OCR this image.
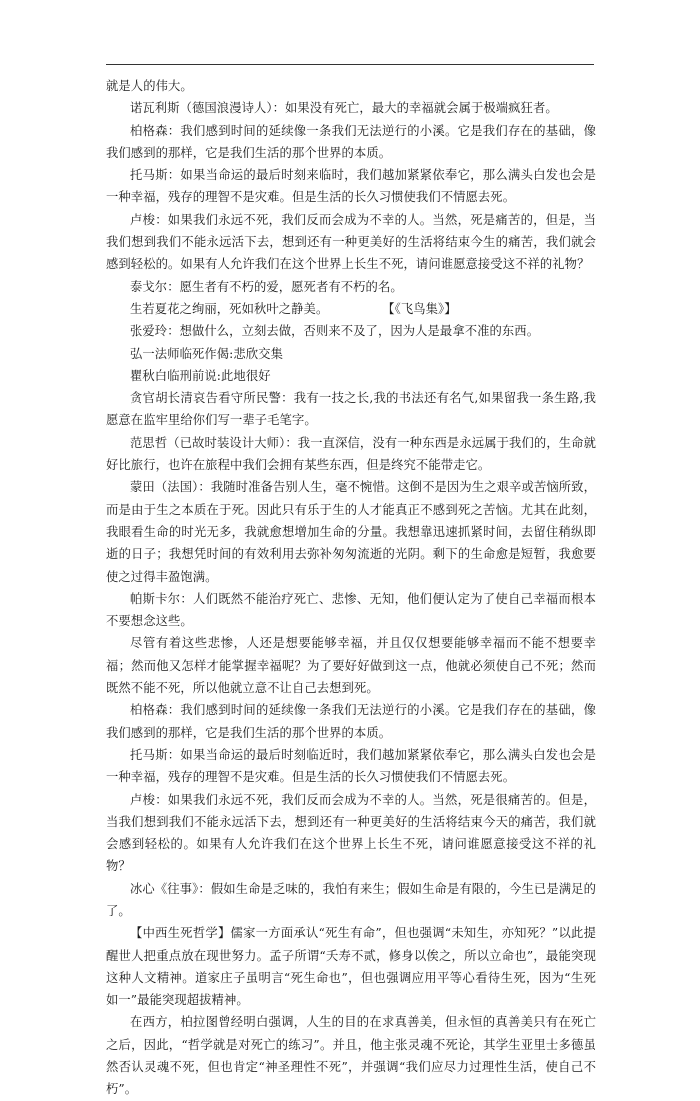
就是人的伟大。

诺瓦利斯（德国浪漫诗人）：如果没有死亡，最大的幸福就会属于极端疯狂者。

柏格森：我们感到时间的延续像一条我们无法逆行的小溪。它是我们存在的基础，像我们感到的那样，它是我们生活的那个世界的本质。

托马斯：如果当命运的最后时刻来临时，我们越加紧紧依奉它，那么满头白发也会是一种幸福，残存的理智不是灾难。但是生活的长久习惯使我们不情愿去死。

卢梭：如果我们永远不死，我们反而会成为不幸的人。当然，死是痛苦的，但是，当我们想到我们不能永远活下去，想到还有一种更美好的生活将结束今生的痛苦，我们就会感到轻松的。如果有人允许我们在这个世界上长生不死，请问谁愿意接受这不祥的礼物？

泰戈尔：愿生者有不朽的爱，愿死者有不朽的名。

生若夏花之绚丽，死如秋叶之静美。	【《飞鸟集》】

张爱玲：想做什么，立刻去做，否则来不及了，因为人是最拿不准的东西。

弘一法师临死作偈:悲欣交集

瞿秋白临刑前说:此地很好

贪官胡长清哀告看守所民警：我有一技之长,我的书法还有名气,如果留我一条生路,我愿意在监牢里给你们写一辈子毛笔字。

范思哲（已故时装设计大师）：我一直深信，没有一种东西是永远属于我们的，生命就好比旅行，也许在旅程中我们会拥有某些东西，但是终究不能带走它。

蒙田（法国）：我随时准备告别人生，毫不惋惜。这倒不是因为生之艰辛或苦恼所致，而是由于生之本质在于死。因此只有乐于生的人才能真正不感到死之苦恼。尤其在此刻，我眼看生命的时光无多，我就愈想增加生命的分量。我想靠迅速抓紧时间，去留住稍纵即逝的日子；我想凭时间的有效利用去弥补匆匆流逝的光阴。剩下的生命愈是短暂，我愈要使之过得丰盈饱满。

帕斯卡尔：人们既然不能治疗死亡、悲惨、无知，他们便认定为了使自己幸福而根本不要想念这些。

尽管有着这些悲惨，人还是想要能够幸福，并且仅仅想要能够幸福而不能不想要幸福；然而他又怎样才能掌握幸福呢？为了要好好做到这一点，他就必须使自己不死；然而既然不能不死，所以他就立意不让自己去想到死。

柏格森：我们感到时间的延续像一条我们无法逆行的小溪。它是我们存在的基础，像我们感到的那样，它是我们生活的那个世界的本质。

托马斯：如果当命运的最后时刻临近时，我们越加紧紧依奉它，那么满头白发也会是一种幸福，残存的理智不是灾难。但是生活的长久习惯使我们不情愿去死。

卢梭：如果我们永远不死，我们反而会成为不幸的人。当然，死是很痛苦的。但是，当我们想到我们不能永远活下去，想到还有一种更美好的生活将结束今天的痛苦，我们就会感到轻松的。如果有人允许我们在这个世界上长生不死，请问谁愿意接受这不祥的礼物？

冰心《往事》：假如生命是乏味的，我怕有来生；假如生命是有限的，今生已是满足的了。

【中西生死哲学】儒家一方面承认“死生有命”，但也强调“未知生，亦知死？”以此提醒世人把重点放在现世努力。孟子所谓“夭寿不贰，修身以俟之，所以立命也”，最能突现这种人文精神。道家庄子虽明言“死生命也”，但也强调应用平等心看待生死，因为“生死如一”最能突现超拔精神。

在西方，柏拉图曾经明白强调，人生的目的在求真善美，但永恒的真善美只有在死亡之后，因此，“哲学就是对死亡的练习”。并且，他主张灵魂不死论，其学生亚里士多德虽然否认灵魂不死，但也肯定“神圣理性不死”，并强调“我们应尽力过理性生活，使自己不朽”。
